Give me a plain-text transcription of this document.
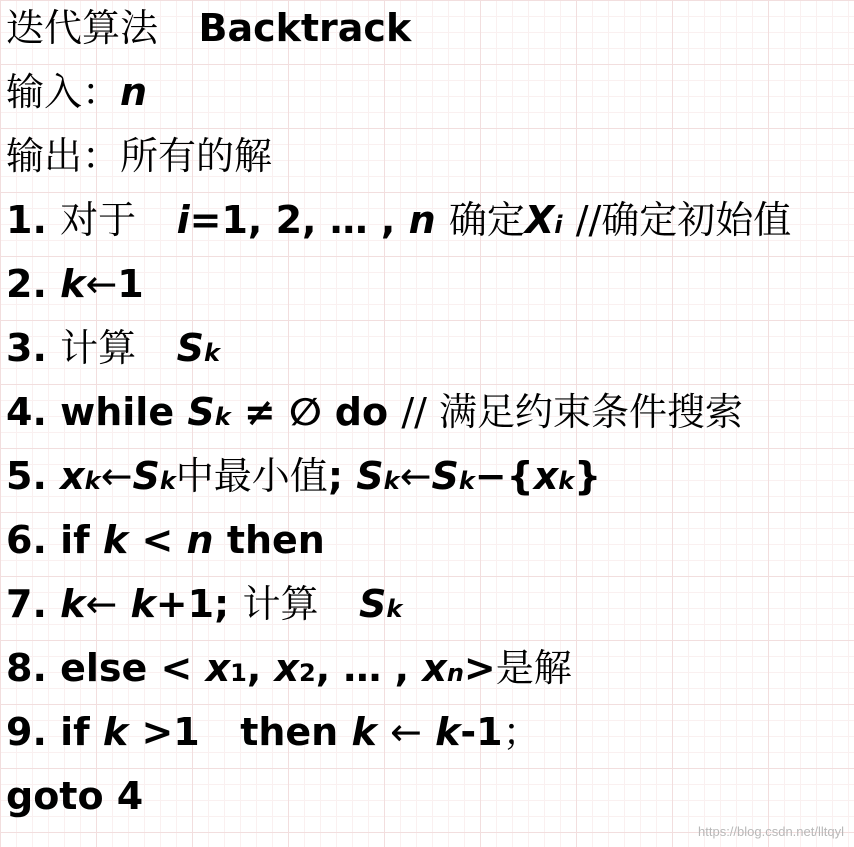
迭代算法 Backtrack
输入：n
输出：所有的解
1. 对于 i=1, 2, … , n 确定Xi //确定初始值
2. k←1
3. 计算 Sk
4. while Sk ≠ ∅ do // 满足约束条件搜索
5. xk←Sk中最小值; Sk←Sk−{xk}
6. if k < n then
7. k← k+1; 计算 Sk
8. else < x1, x2, … , xn>是解
9. if k >1 then k ← k-1；
goto 4
https://blog.csdn.net/lltqyl
